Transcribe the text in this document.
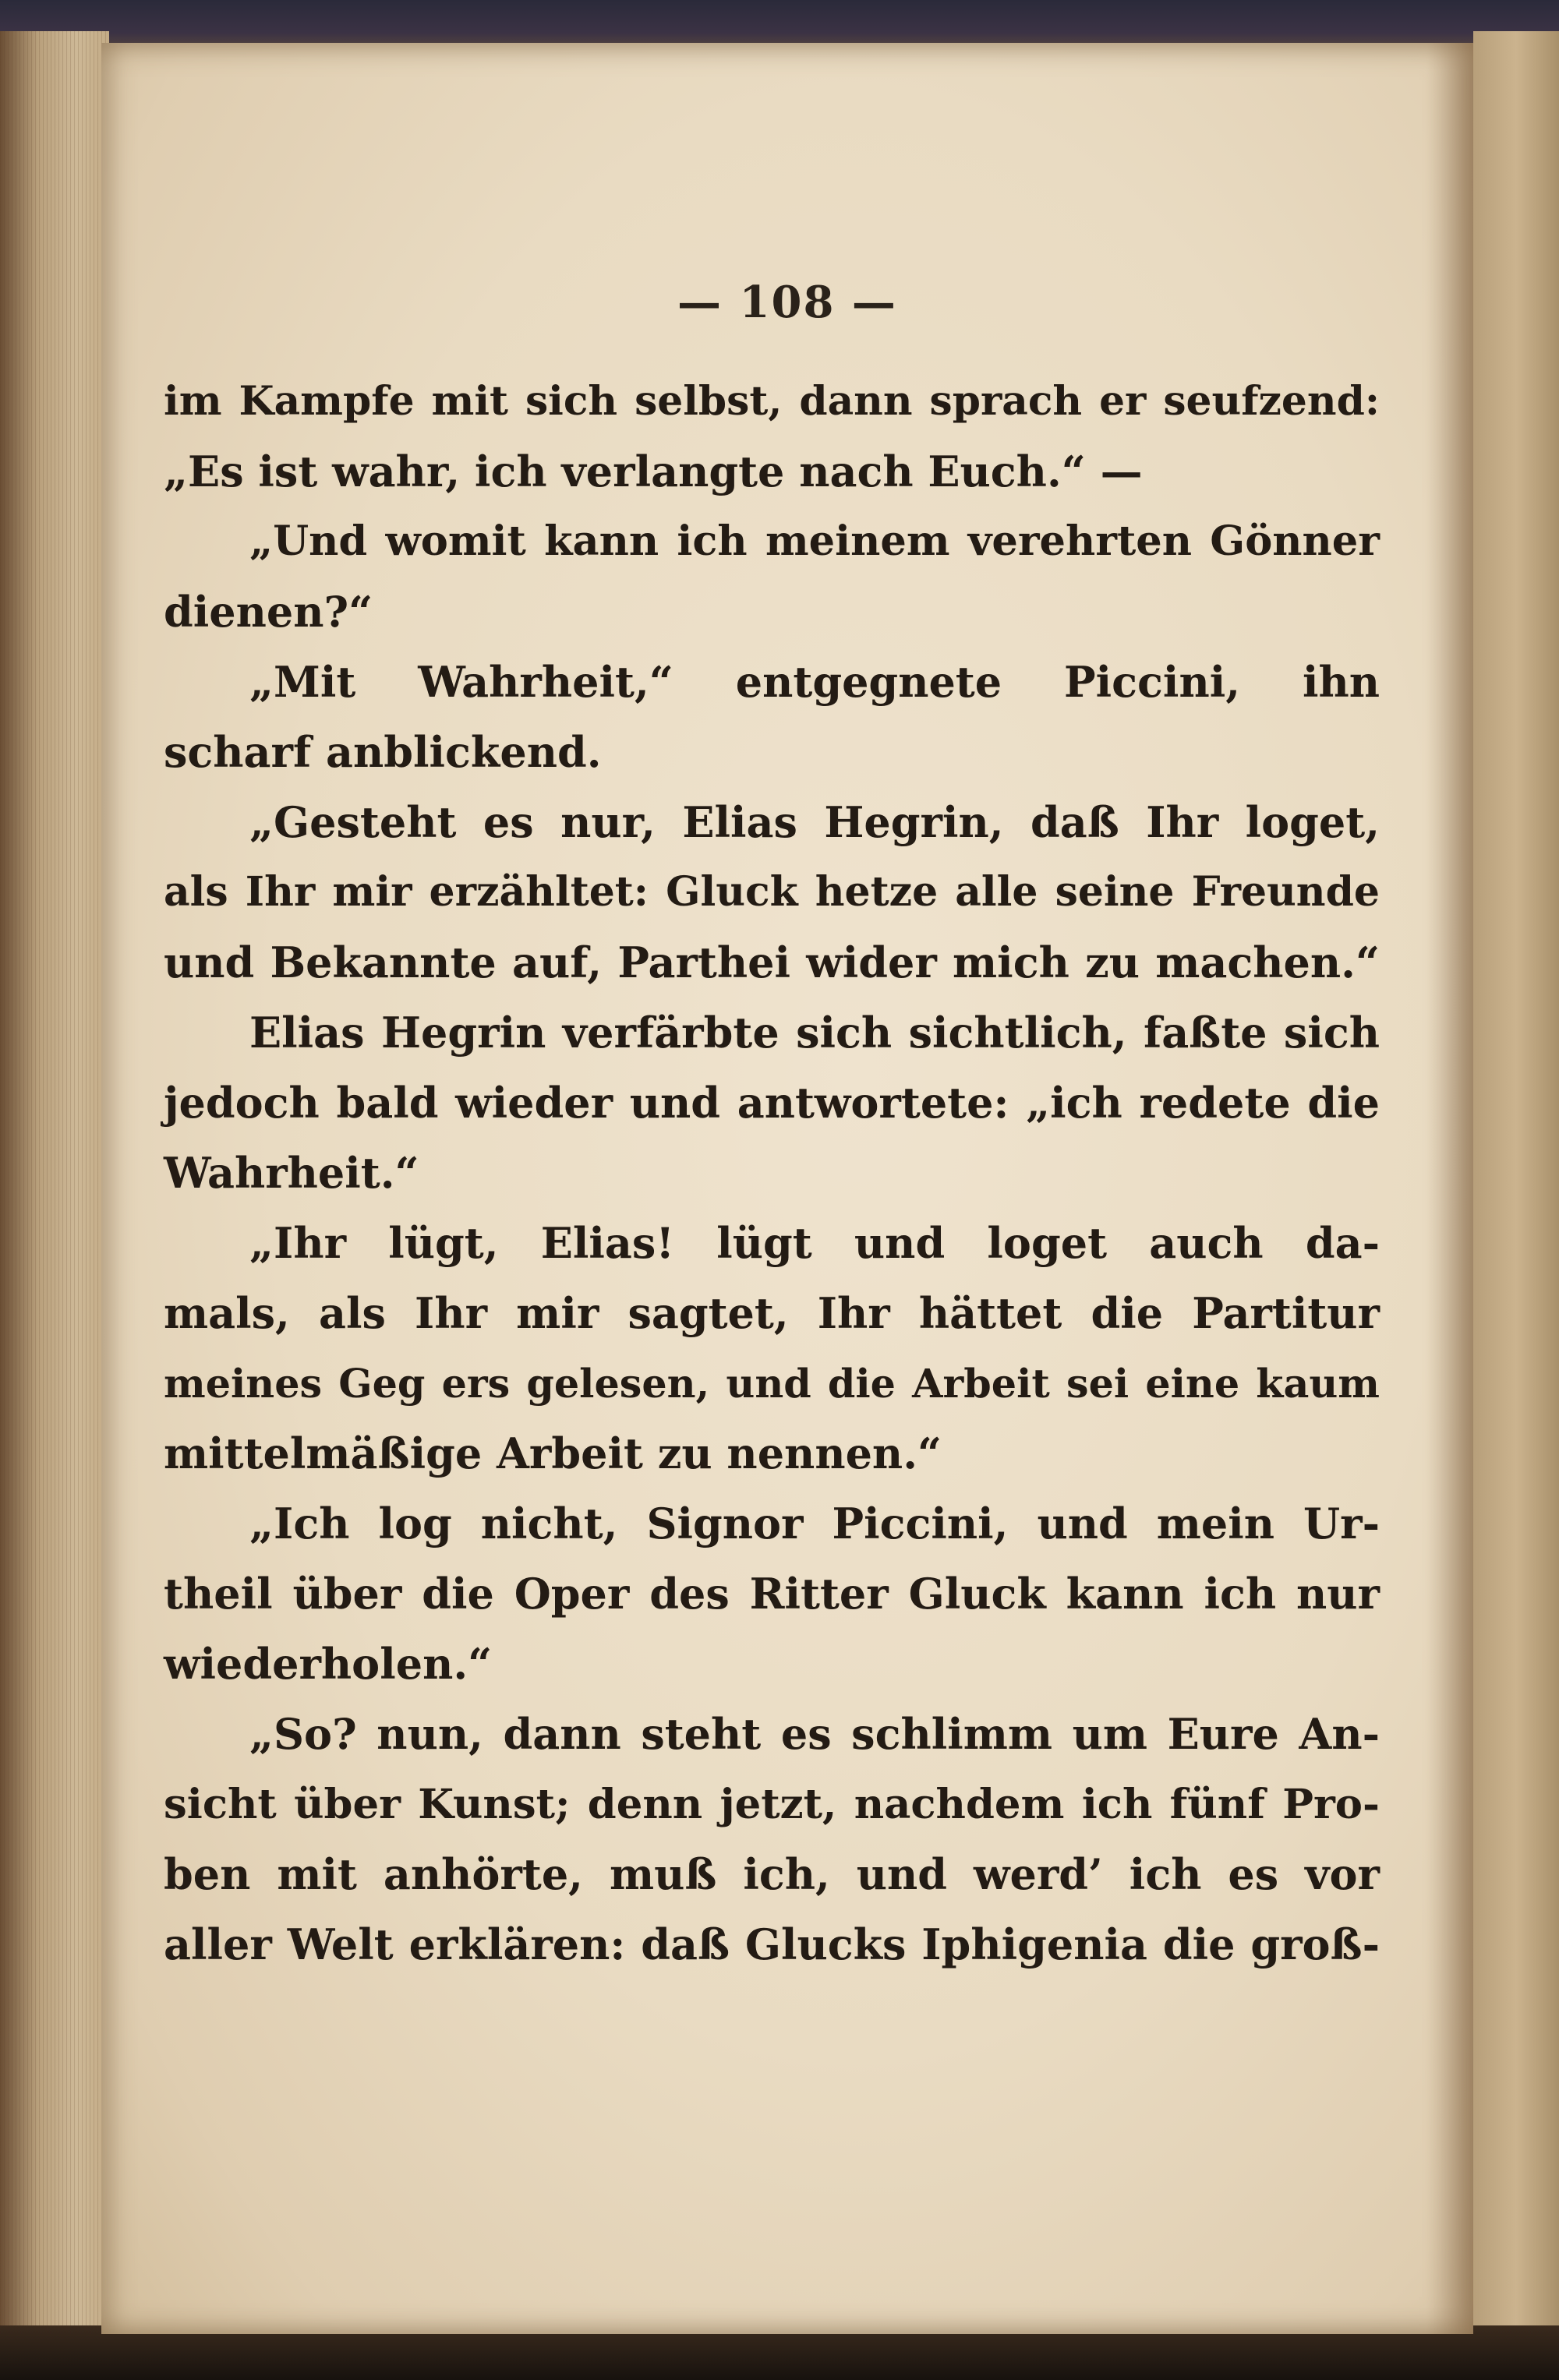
— 108 —
im Kampfe mit sich selbst, dann sprach er seufzend:
„Es ist wahr, ich verlangte nach Euch.“ —
„Und womit kann ich meinem verehrten Gönner
dienen?“
„Mit Wahrheit,“ entgegnete Piccini, ihn
scharf anblickend.
„Gesteht es nur, Elias Hegrin, daß Ihr loget,
als Ihr mir erzähltet: Gluck hetze alle seine Freunde
und Bekannte auf, Parthei wider mich zu machen.“
Elias Hegrin verfärbte sich sichtlich, faßte sich
jedoch bald wieder und antwortete: „ich redete die
Wahrheit.“
„Ihr lügt, Elias! lügt und loget auch da-
mals, als Ihr mir sagtet, Ihr hättet die Partitur
meines Geg ers gelesen, und die Arbeit sei eine kaum
mittelmäßige Arbeit zu nennen.“
„Ich log nicht, Signor Piccini, und mein Ur-
theil über die Oper des Ritter Gluck kann ich nur
wiederholen.“
„So? nun, dann steht es schlimm um Eure An-
sicht über Kunst; denn jetzt, nachdem ich fünf Pro-
ben mit anhörte, muß ich, und werd’ ich es vor
aller Welt erklären: daß Glucks Iphigenia die groß-
